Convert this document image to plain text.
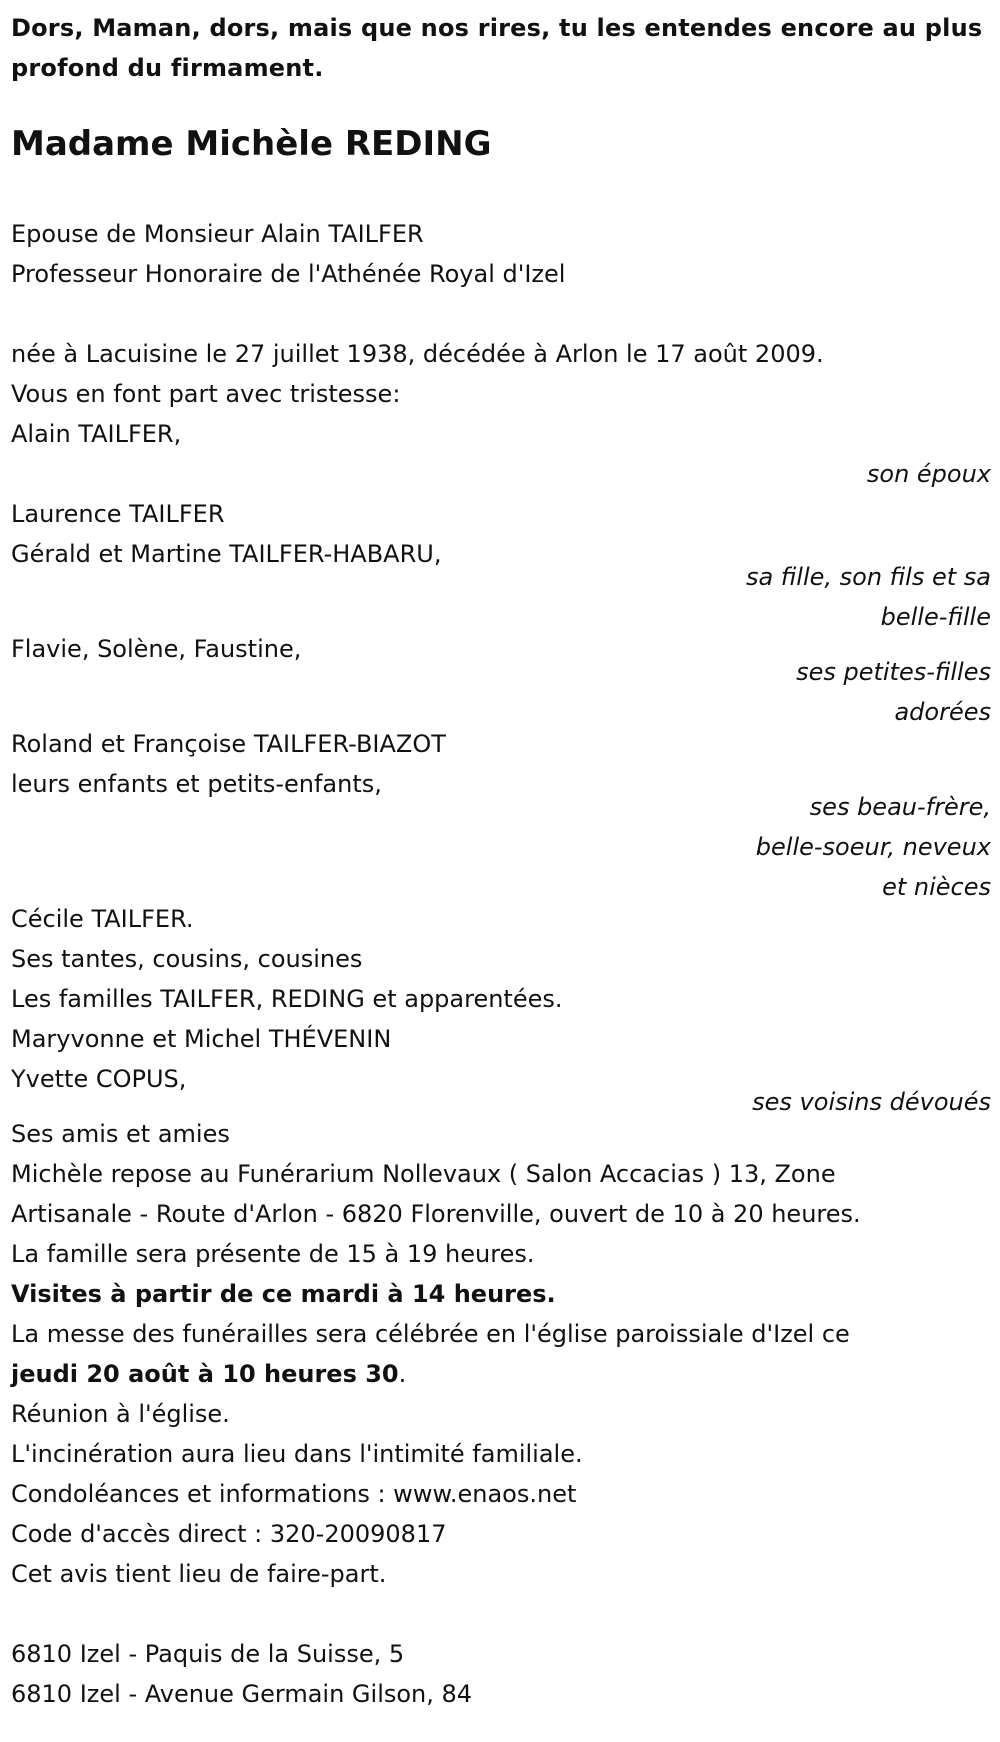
Dors, Maman, dors, mais que nos rires, tu les entendes encore au plus profond du firmament.
Madame Michèle REDING
Epouse de Monsieur Alain TAILFER
Professeur Honoraire de l'Athénée Royal d'Izel
née à Lacuisine le 27 juillet 1938, décédée à Arlon le 17 août 2009.
Vous en font part avec tristesse:
Alain TAILFER,
son époux
Laurence TAILFER
Gérald et Martine TAILFER-HABARU,
sa fille, son fils et sa
belle-fille
Flavie, Solène, Faustine,
ses petites-filles
adorées
Roland et Françoise TAILFER-BIAZOT
leurs enfants et petits-enfants,
ses beau-frère,
belle-soeur, neveux
et nièces
Cécile TAILFER.
Ses tantes, cousins, cousines
Les familles TAILFER, REDING et apparentées.
Maryvonne et Michel THÉVENIN
Yvette COPUS,
ses voisins dévoués
Ses amis et amies
Michèle repose au Funérarium Nollevaux ( Salon Accacias ) 13, Zone
Artisanale - Route d'Arlon - 6820 Florenville, ouvert de 10 à 20 heures.
La famille sera présente de 15 à 19 heures.
Visites à partir de ce mardi à 14 heures.
La messe des funérailles sera célébrée en l'église paroissiale d'Izel ce
jeudi 20 août à 10 heures 30.
Réunion à l'église.
L'incinération aura lieu dans l'intimité familiale.
Condoléances et informations : www.enaos.net
Code d'accès direct : 320-20090817
Cet avis tient lieu de faire-part.
6810 Izel - Paquis de la Suisse, 5
6810 Izel - Avenue Germain Gilson, 84
